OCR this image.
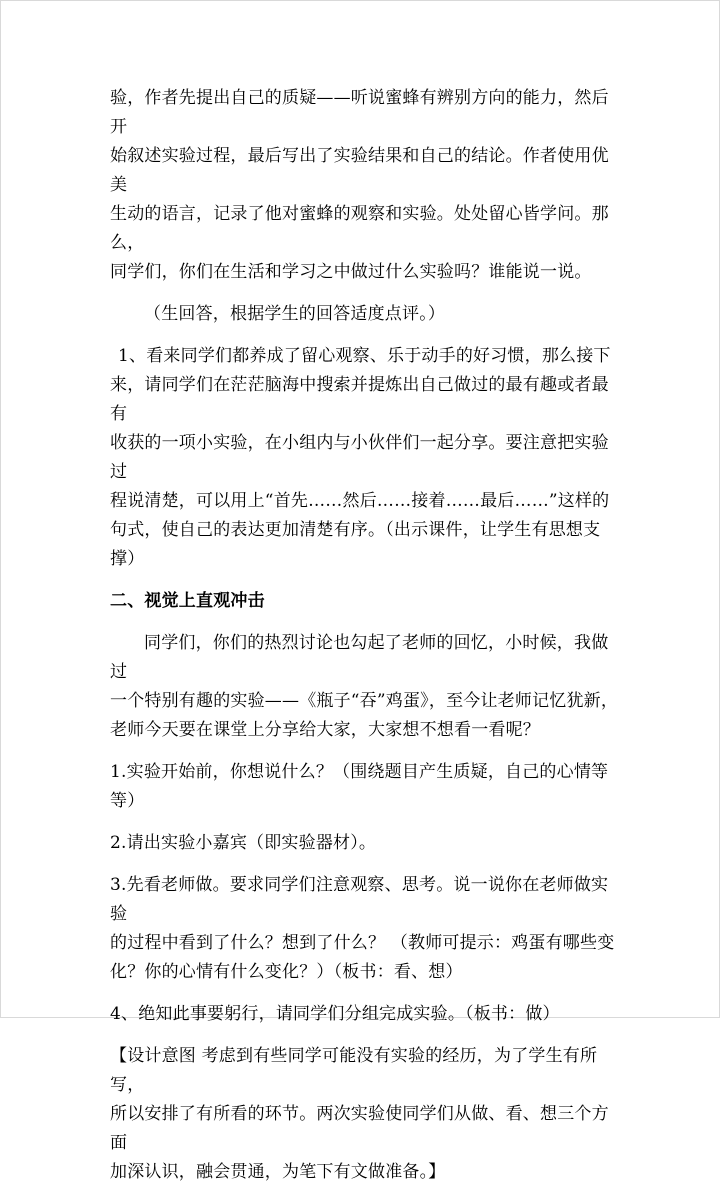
验，作者先提出自己的质疑——听说蜜蜂有辨别方向的能力，然后开

始叙述实验过程，最后写出了实验结果和自己的结论。作者使用优美

生动的语言，记录了他对蜜蜂的观察和实验。处处留心皆学问。那么，

同学们，你们在生活和学习之中做过什么实验吗？谁能说一说。

（生回答，根据学生的回答适度点评。）

1、看来同学们都养成了留心观察、乐于动手的好习惯，那么接下

来，请同学们在茫茫脑海中搜索并提炼出自己做过的最有趣或者最有

收获的一项小实验，在小组内与小伙伴们一起分享。要注意把实验过

程说清楚，可以用上“首先……然后……接着……最后……”这样的

句式，使自己的表达更加清楚有序。（出示课件，让学生有思想支撑）

二、视觉上直观冲击

同学们，你们的热烈讨论也勾起了老师的回忆，小时候，我做过

一个特别有趣的实验——《瓶子“吞”鸡蛋》，至今让老师记忆犹新，

老师今天要在课堂上分享给大家，大家想不想看一看呢？

1.实验开始前，你想说什么？（围绕题目产生质疑，自己的心情等等）

2.请出实验小嘉宾（即实验器材）。

3.先看老师做。要求同学们注意观察、思考。说一说你在老师做实验

的过程中看到了什么？想到了什么？ （教师可提示：鸡蛋有哪些变

化？你的心情有什么变化？）（板书：看、想）

4、绝知此事要躬行，请同学们分组完成实验。（板书：做）

【设计意图 考虑到有些同学可能没有实验的经历，为了学生有所写，

所以安排了有所看的环节。两次实验使同学们从做、看、想三个方面

加深认识，融会贯通，为笔下有文做准备。】
